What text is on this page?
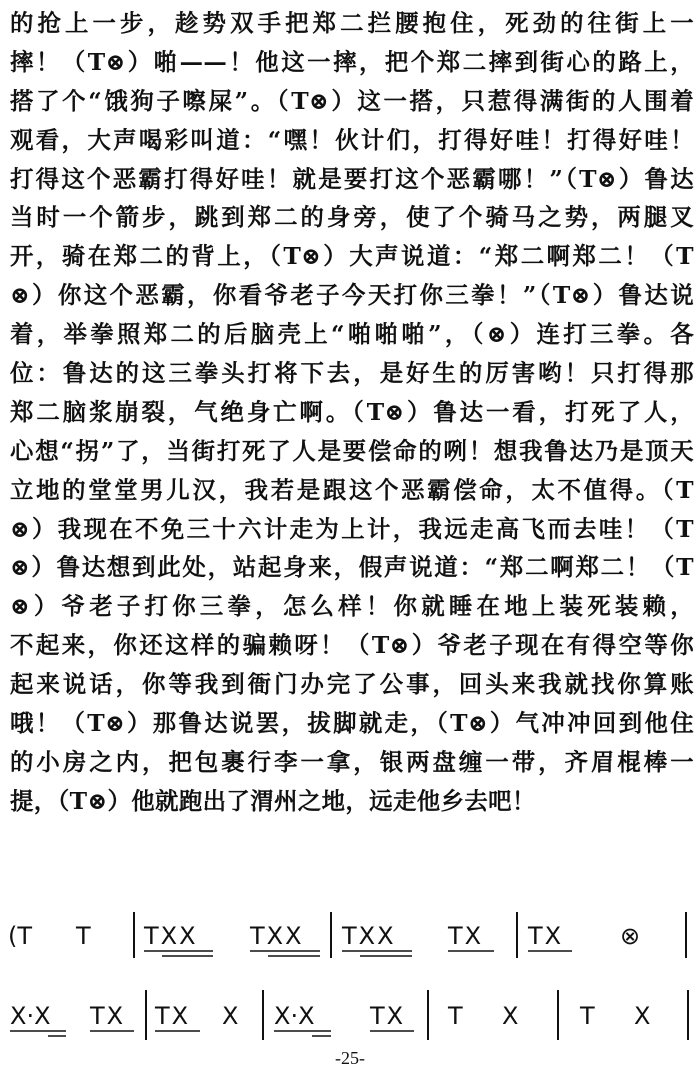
的抢上一步，趁势双手把郑二拦腰抱住，死劲的往街上一
摔！（T⊗）啪——！他这一摔，把个郑二摔到街心的路上，
搭了个“饿狗子嚓屎”。（T⊗）这一搭，只惹得满街的人围着
观看，大声喝彩叫道：“嘿！伙计们，打得好哇！打得好哇！
打得这个恶霸打得好哇！就是要打这个恶霸哪！”（T⊗）鲁达
当时一个箭步，跳到郑二的身旁，使了个骑马之势，两腿叉
开，骑在郑二的背上，（T⊗）大声说道：“郑二啊郑二！（T
⊗）你这个恶霸，你看爷老子今天打你三拳！”（T⊗）鲁达说
着，举拳照郑二的后脑壳上“啪啪啪”，（⊗）连打三拳。各
位：鲁达的这三拳头打将下去，是好生的厉害哟！只打得那
郑二脑浆崩裂，气绝身亡啊。（T⊗）鲁达一看，打死了人，
心想“拐”了，当街打死了人是要偿命的咧！想我鲁达乃是顶天
立地的堂堂男儿汉，我若是跟这个恶霸偿命，太不值得。（T
⊗）我现在不免三十六计走为上计，我远走高飞而去哇！（T
⊗）鲁达想到此处，站起身来，假声说道：“郑二啊郑二！（T
⊗）爷老子打你三拳，怎么样！你就睡在地上装死装赖，
不起来，你还这样的骗赖呀！（T⊗）爷老子现在有得空等你
起来说话，你等我到衙门办完了公事，回头来我就找你算账
哦！（T⊗）那鲁达说罢，拔脚就走，（T⊗）气冲冲回到他住
的小房之内，把包裹行李一拿，银两盘缠一带，齐眉棍棒一
提，（T⊗）他就跑出了渭州之地，远走他乡去吧！
(T T TXX TXX TXX TX TX ⊗
X·X TX TX X X·X TX T X	T X
-25-
